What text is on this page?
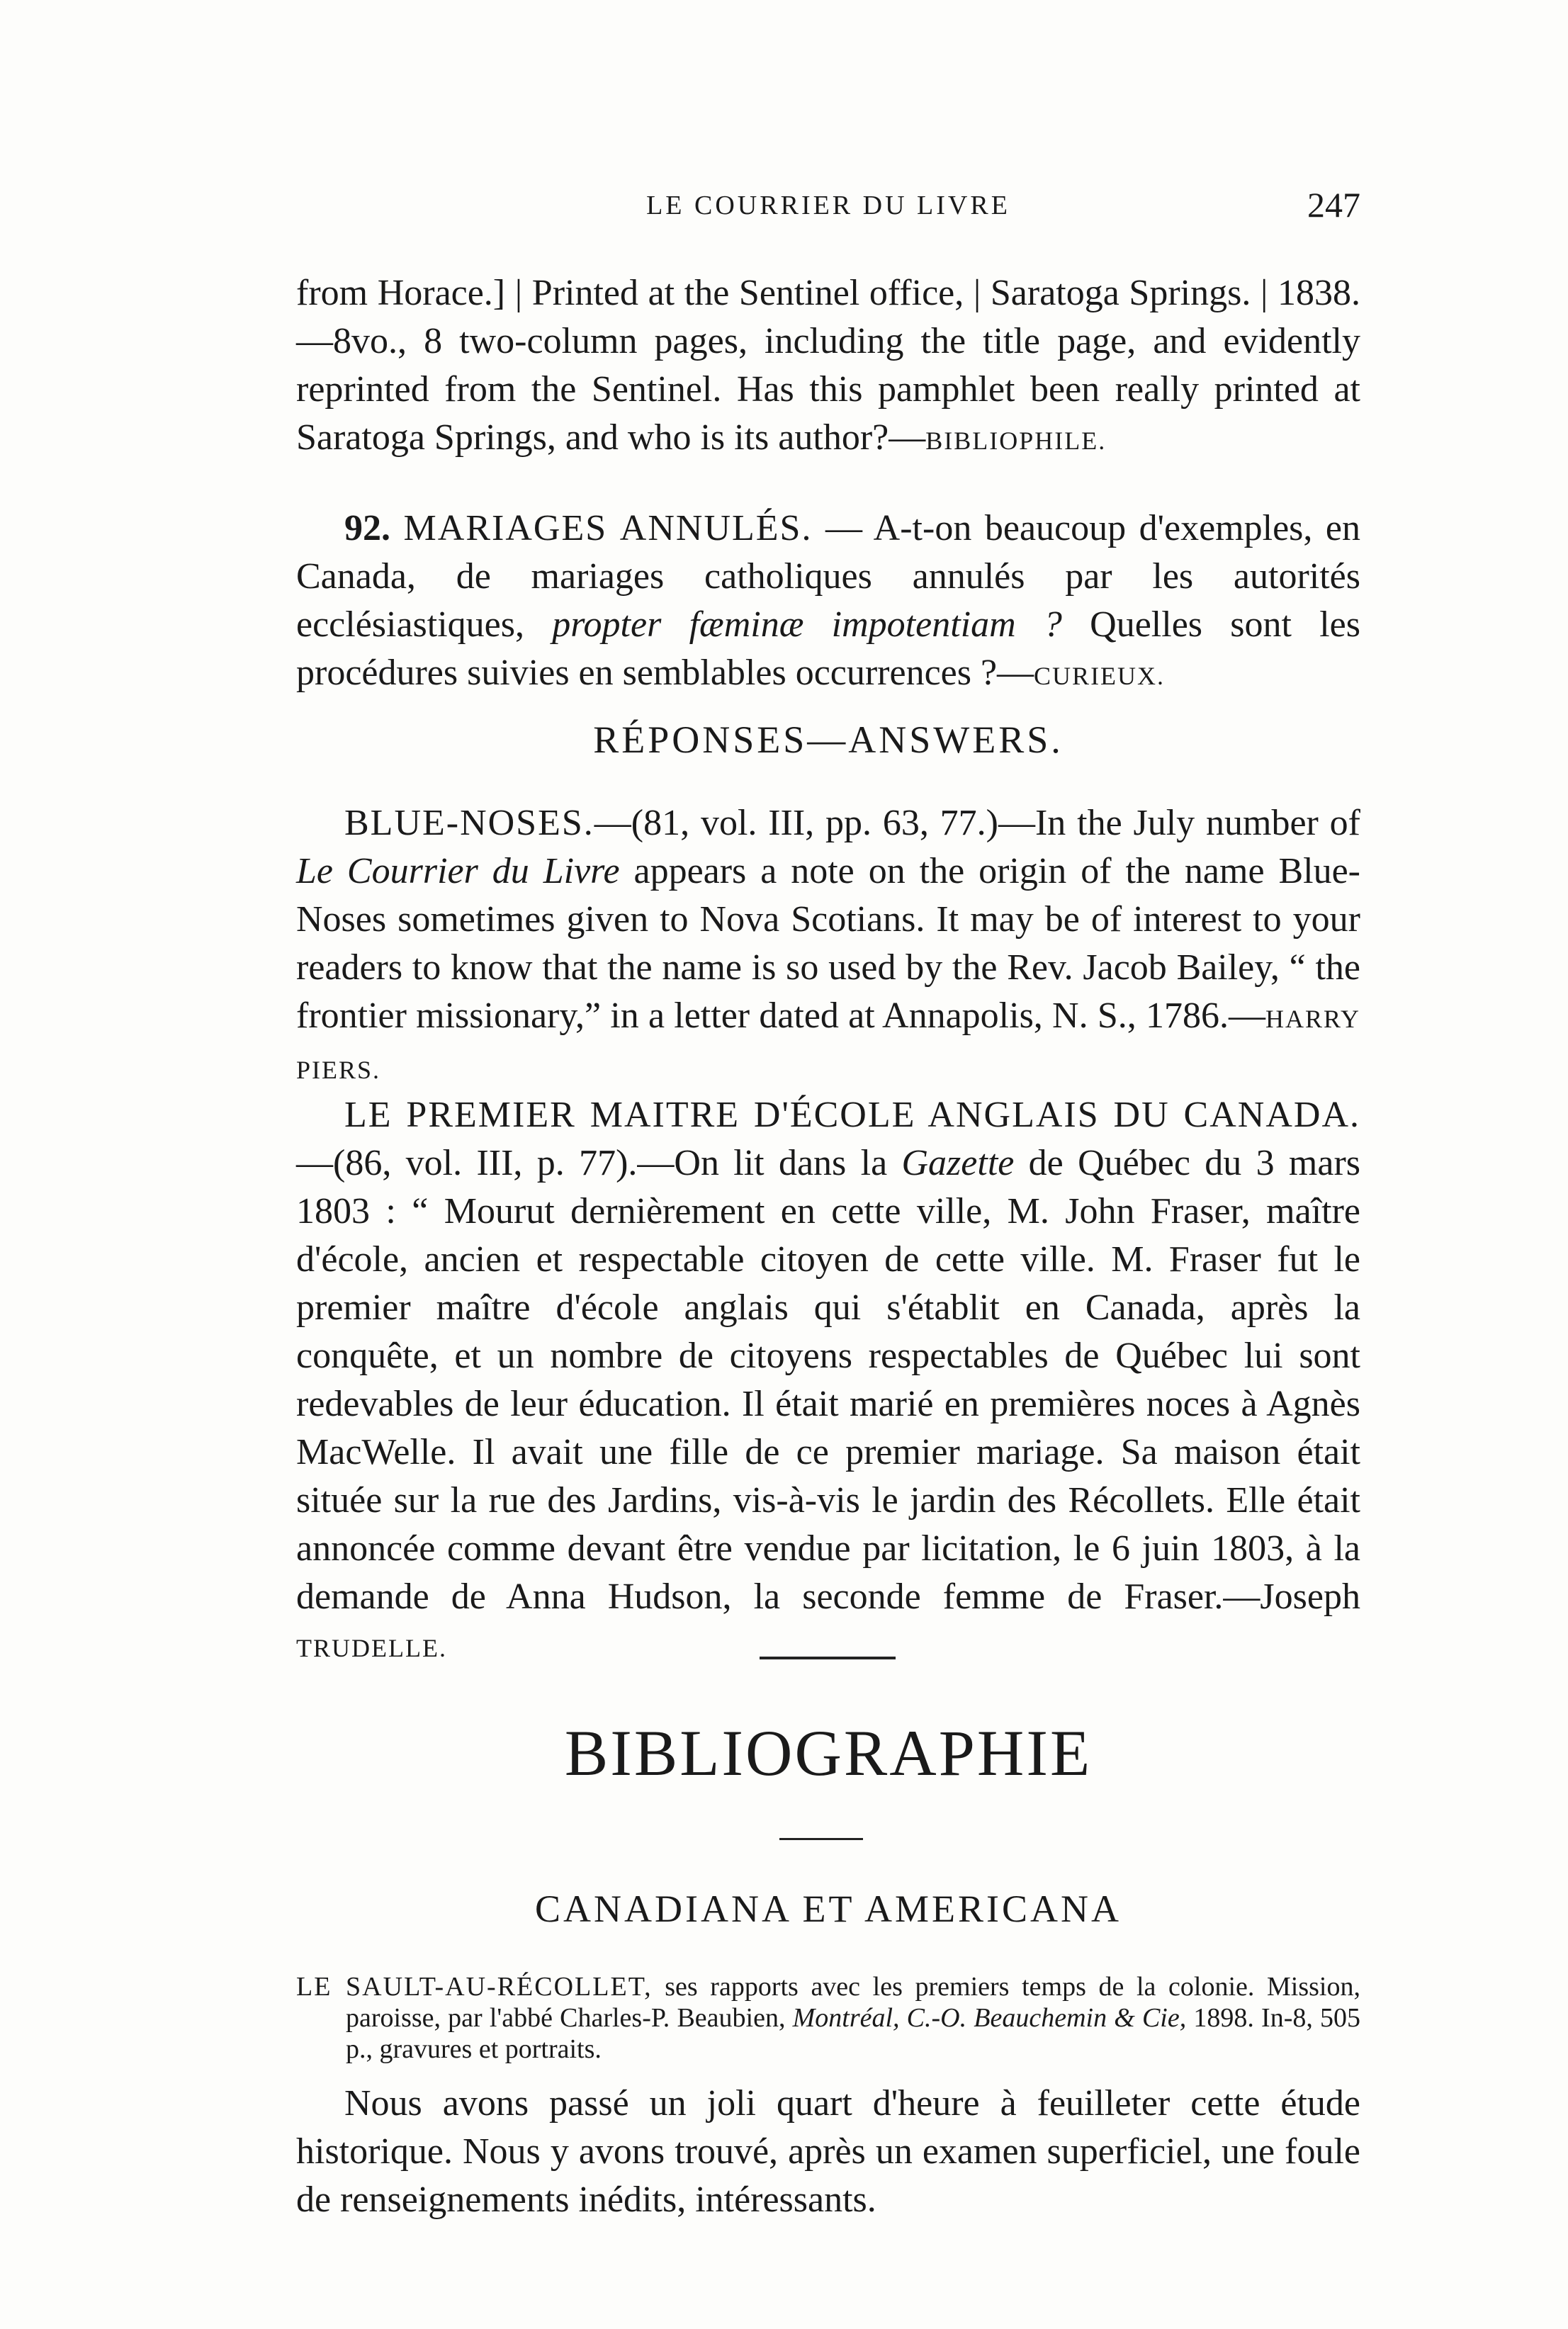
LE COURRIER DU LIVRE	247

from Horace.] | Printed at the Sentinel office, | Saratoga Springs. | 1838.—8vo., 8 two-column pages, including the title page, and evidently reprinted from the Sentinel. Has this pamphlet been really printed at Saratoga Springs, and who is its author?—BIBLIOPHILE.

92. MARIAGES ANNULÉS. — A-t-on beaucoup d'exemples, en Canada, de mariages catholiques annulés par les autorités ecclésiastiques, propter fæminæ impotentiam ? Quelles sont les procédures suivies en semblables occurrences ?—CURIEUX.

RÉPONSES—ANSWERS.

BLUE-NOSES.—(81, vol. III, pp. 63, 77.)—In the July number of Le Courrier du Livre appears a note on the origin of the name Blue-Noses sometimes given to Nova Scotians. It may be of interest to your readers to know that the name is so used by the Rev. Jacob Bailey, “ the frontier missionary,” in a letter dated at Annapolis, N. S., 1786.—HARRY PIERS.

LE PREMIER MAITRE D'ÉCOLE ANGLAIS DU CANADA.—(86, vol. III, p. 77).—On lit dans la Gazette de Québec du 3 mars 1803 : “ Mourut dernièrement en cette ville, M. John Fraser, maître d'école, ancien et respectable citoyen de cette ville. M. Fraser fut le premier maître d'école anglais qui s'établit en Canada, après la conquête, et un nombre de citoyens respectables de Québec lui sont redevables de leur éducation. Il était marié en premières noces à Agnès MacWelle. Il avait une fille de ce premier mariage. Sa maison était située sur la rue des Jardins, vis-à-vis le jardin des Récollets. Elle était annoncée comme devant être vendue par licitation, le 6 juin 1803, à la demande de Anna Hudson, la seconde femme de Fraser.—Joseph TRUDELLE.

BIBLIOGRAPHIE

CANADIANA ET AMERICANA

LE SAULT-AU-RÉCOLLET, ses rapports avec les premiers temps de la colonie. Mission, paroisse, par l'abbé Charles-P. Beaubien, Montréal, C.-O. Beauchemin & Cie, 1898. In-8, 505 p., gravures et portraits.

Nous avons passé un joli quart d'heure à feuilleter cette étude historique. Nous y avons trouvé, après un examen superficiel, une foule de renseignements inédits, intéressants.
